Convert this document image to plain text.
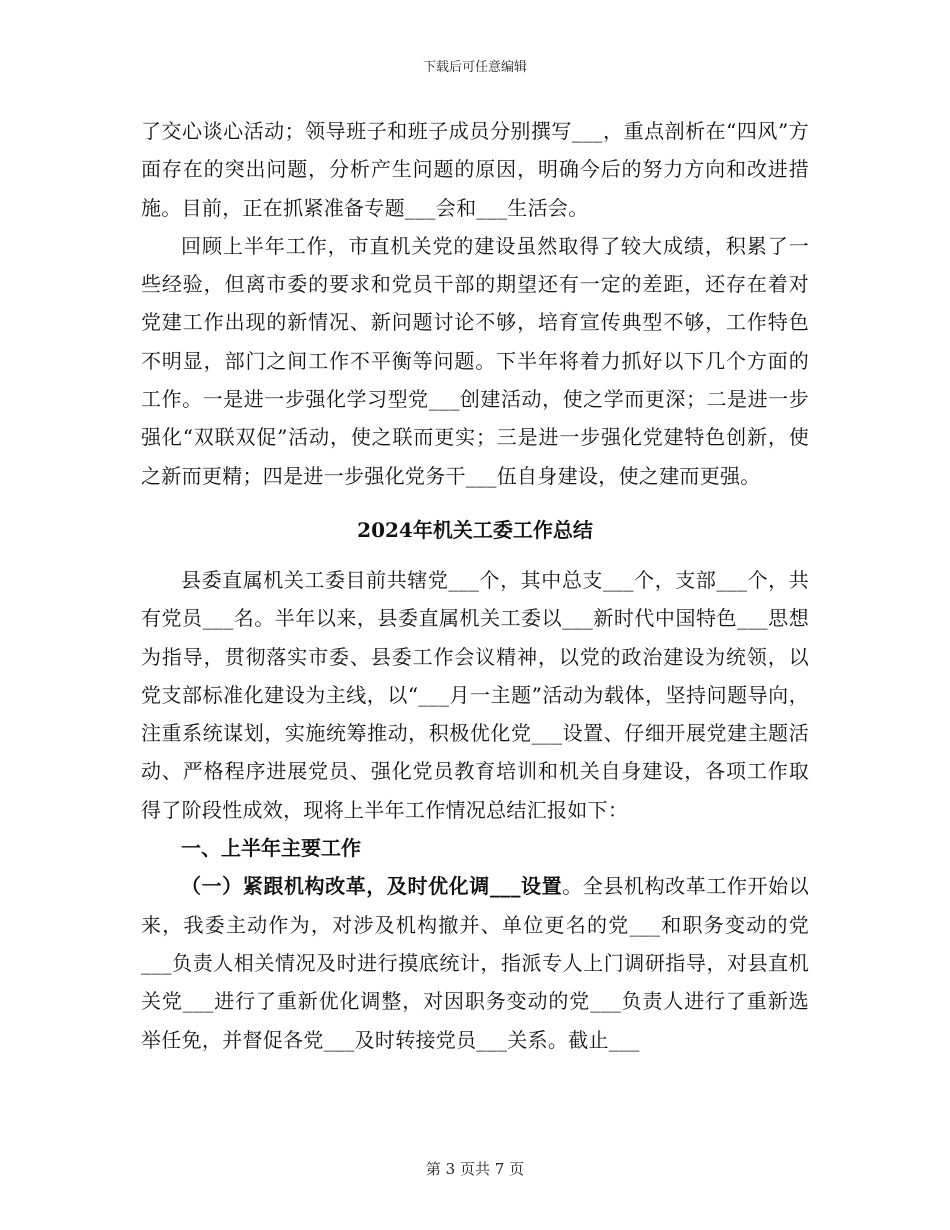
下载后可任意编辑

了交心谈心活动；领导班子和班子成员分别撰写___，重点剖析在“四风”方面存在的突出问题，分析产生问题的原因，明确今后的努力方向和改进措施。目前，正在抓紧准备专题___会和___生活会。

回顾上半年工作，市直机关党的建设虽然取得了较大成绩，积累了一些经验，但离市委的要求和党员干部的期望还有一定的差距，还存在着对党建工作出现的新情况、新问题讨论不够，培育宣传典型不够，工作特色不明显，部门之间工作不平衡等问题。下半年将着力抓好以下几个方面的工作。一是进一步强化学习型党___创建活动，使之学而更深；二是进一步强化“双联双促”活动，使之联而更实；三是进一步强化党建特色创新，使之新而更精；四是进一步强化党务干___伍自身建设，使之建而更强。

2024年机关工委工作总结

县委直属机关工委目前共辖党___个，其中总支___个，支部___个，共有党员___名。半年以来，县委直属机关工委以___新时代中国特色___思想为指导，贯彻落实市委、县委工作会议精神，以党的政治建设为统领，以党支部标准化建设为主线，以“___月一主题”活动为载体，坚持问题导向，注重系统谋划，实施统筹推动，积极优化党___设置、仔细开展党建主题活动、严格程序进展党员、强化党员教育培训和机关自身建设，各项工作取得了阶段性成效，现将上半年工作情况总结汇报如下：

一、上半年主要工作

（一）紧跟机构改革，及时优化调___设置。全县机构改革工作开始以来，我委主动作为，对涉及机构撤并、单位更名的党___和职务变动的党___负责人相关情况及时进行摸底统计，指派专人上门调研指导，对县直机关党___进行了重新优化调整，对因职务变动的党___负责人进行了重新选举任免，并督促各党___及时转接党员___关系。截止___

第 3 页共 7 页
